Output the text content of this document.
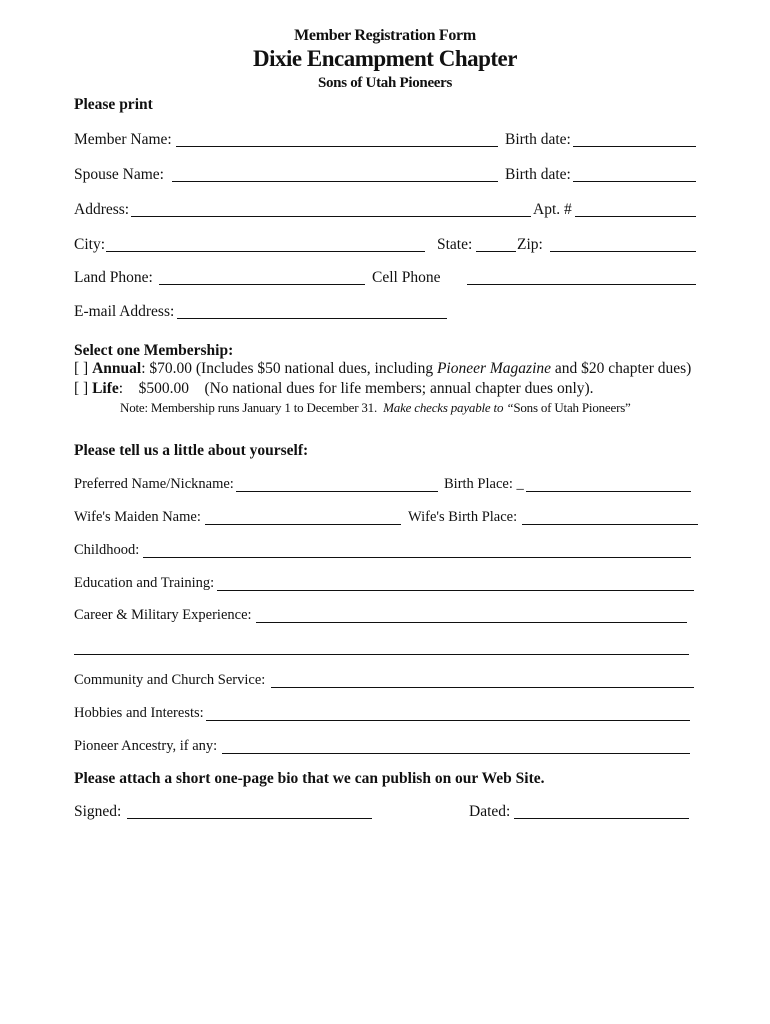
Member Registration Form
Dixie Encampment Chapter
Sons of Utah Pioneers
Please print
Member Name:	Birth date:
Spouse Name:	Birth date:
Address:	Apt. #
City:	State:	Zip:
Land Phone:	Cell Phone
E-mail Address:
Select one Membership:
[ ] Annual: $70.00 (Includes $50 national dues, including Pioneer Magazine and $20 chapter dues)
[ ] Life:    $500.00    (No national dues for life members; annual chapter dues only).
Note: Membership runs January 1 to December 31.  Make checks payable to “Sons of Utah Pioneers”
Please tell us a little about yourself:
Preferred Name/Nickname:	Birth Place: _
Wife's Maiden Name:	Wife's Birth Place:
Childhood:
Education and Training:
Career & Military Experience:
Community and Church Service:
Hobbies and Interests:
Pioneer Ancestry, if any:
Please attach a short one-page bio that we can publish on our Web Site.
Signed:	Dated:
